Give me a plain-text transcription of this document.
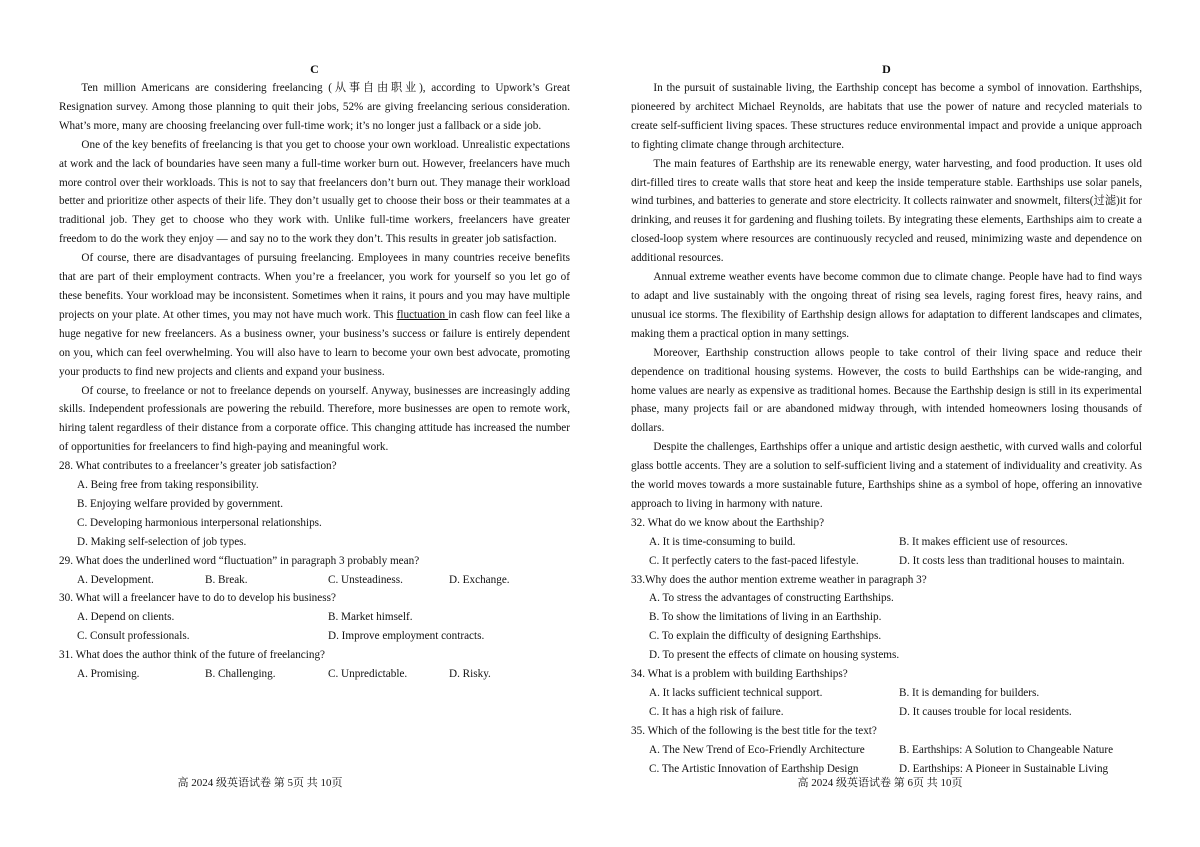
C

Ten million Americans are considering freelancing (从事自由职业), according to Upwork’s Great Resignation survey. Among those planning to quit their jobs, 52% are giving freelancing serious consideration. What’s more, many are choosing freelancing over full-time work; it’s no longer just a fallback or a side job.

One of the key benefits of freelancing is that you get to choose your own workload. Unrealistic expectations at work and the lack of boundaries have seen many a full-time worker burn out. However, freelancers have much more control over their workloads. This is not to say that freelancers don’t burn out. They manage their workload better and prioritize other aspects of their life. They don’t usually get to choose their boss or their teammates at a traditional job. They get to choose who they work with. Unlike full-time workers, freelancers have greater freedom to do the work they enjoy — and say no to the work they don’t. This results in greater job satisfaction.

Of course, there are disadvantages of pursuing freelancing. Employees in many countries receive benefits that are part of their employment contracts. When you’re a freelancer, you work for yourself so you let go of these benefits. Your workload may be inconsistent. Sometimes when it rains, it pours and you may have multiple projects on your plate. At other times, you may not have much work. This fluctuation in cash flow can feel like a huge negative for new freelancers. As a business owner, your business’s success or failure is entirely dependent on you, which can feel overwhelming. You will also have to learn to become your own best advocate, promoting your products to find new projects and clients and expand your business.

Of course, to freelance or not to freelance depends on yourself. Anyway, businesses are increasingly adding skills. Independent professionals are powering the rebuild. Therefore, more businesses are open to remote work, hiring talent regardless of their distance from a corporate office. This changing attitude has increased the number of opportunities for freelancers to find high-paying and meaningful work.

28. What contributes to a freelancer’s greater job satisfaction?
A. Being free from taking responsibility.
B. Enjoying welfare provided by government.
C. Developing harmonious interpersonal relationships.
D. Making self-selection of job types.
29. What does the underlined word “fluctuation” in paragraph 3 probably mean?
A. Development.	B. Break.	C. Unsteadiness.	D. Exchange.
30. What will a freelancer have to do to develop his business?
A. Depend on clients.	B. Market himself.
C. Consult professionals.	D. Improve employment contracts.
31. What does the author think of the future of freelancing?
A. Promising.	B. Challenging.	C. Unpredictable.	D. Risky.
高 2024 级英语试卷 第 5页 共 10页
D

In the pursuit of sustainable living, the Earthship concept has become a symbol of innovation. Earthships, pioneered by architect Michael Reynolds, are habitats that use the power of nature and recycled materials to create self-sufficient living spaces. These structures reduce environmental impact and provide a unique approach to fighting climate change through architecture.

The main features of Earthship are its renewable energy, water harvesting, and food production. It uses old dirt-filled tires to create walls that store heat and keep the inside temperature stable. Earthships use solar panels, wind turbines, and batteries to generate and store electricity. It collects rainwater and snowmelt, filters(过滤)it for drinking, and reuses it for gardening and flushing toilets. By integrating these elements, Earthships aim to create a closed-loop system where resources are continuously recycled and reused, minimizing waste and dependence on additional resources.

Annual extreme weather events have become common due to climate change. People have had to find ways to adapt and live sustainably with the ongoing threat of rising sea levels, raging forest fires, heavy rains, and unusual ice storms. The flexibility of Earthship design allows for adaptation to different landscapes and climates, making them a practical option in many settings.

Moreover, Earthship construction allows people to take control of their living space and reduce their dependence on traditional housing systems. However, the costs to build Earthships can be wide-ranging, and home values are nearly as expensive as traditional homes. Because the Earthship design is still in its experimental phase, many projects fail or are abandoned midway through, with intended homeowners losing thousands of dollars.

Despite the challenges, Earthships offer a unique and artistic design aesthetic, with curved walls and colorful glass bottle accents. They are a solution to self-sufficient living and a statement of individuality and creativity. As the world moves towards a more sustainable future, Earthships shine as a symbol of hope, offering an innovative approach to living in harmony with nature.

32. What do we know about the Earthship?
A. It is time-consuming to build.	B. It makes efficient use of resources.
C. It perfectly caters to the fast-paced lifestyle.	D. It costs less than traditional houses to maintain.
33.Why does the author mention extreme weather in paragraph 3?
A. To stress the advantages of constructing Earthships.
B. To show the limitations of living in an Earthship.
C. To explain the difficulty of designing Earthships.
D. To present the effects of climate on housing systems.
34. What is a problem with building Earthships?
A. It lacks sufficient technical support.	B. It is demanding for builders.
C. It has a high risk of failure.	D. It causes trouble for local residents.
35. Which of the following is the best title for the text?
A. The New Trend of Eco-Friendly Architecture	B. Earthships: A Solution to Changeable Nature
C. The Artistic Innovation of Earthship Design	D. Earthships: A Pioneer in Sustainable Living
高 2024 级英语试卷 第 6页 共 10页
